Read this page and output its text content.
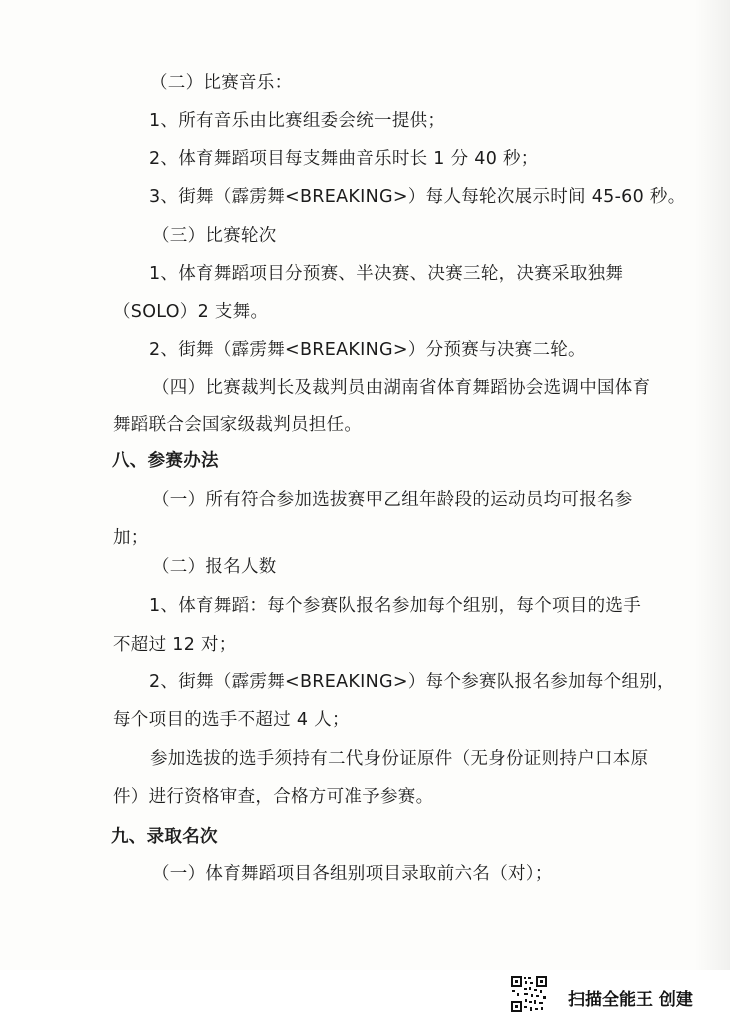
（二）比赛音乐：
1、所有音乐由比赛组委会统一提供；
2、体育舞蹈项目每支舞曲音乐时长 1 分 40 秒；
3、街舞（霹雳舞<BREAKING>）每人每轮次展示时间 45-60 秒。
（三）比赛轮次
1、体育舞蹈项目分预赛、半决赛、决赛三轮，决赛采取独舞
（SOLO）2 支舞。
2、街舞（霹雳舞<BREAKING>）分预赛与决赛二轮。
（四）比赛裁判长及裁判员由湖南省体育舞蹈协会选调中国体育
舞蹈联合会国家级裁判员担任。
八、参赛办法
（一）所有符合参加选拔赛甲乙组年龄段的运动员均可报名参
加；
（二）报名人数
1、体育舞蹈：每个参赛队报名参加每个组别，每个项目的选手
不超过 12 对；
2、街舞（霹雳舞<BREAKING>）每个参赛队报名参加每个组别，
每个项目的选手不超过 4 人；
参加选拔的选手须持有二代身份证原件（无身份证则持户口本原
件）进行资格审查，合格方可准予参赛。
九、录取名次
（一）体育舞蹈项目各组别项目录取前六名（对）；
扫描全能王 创建
